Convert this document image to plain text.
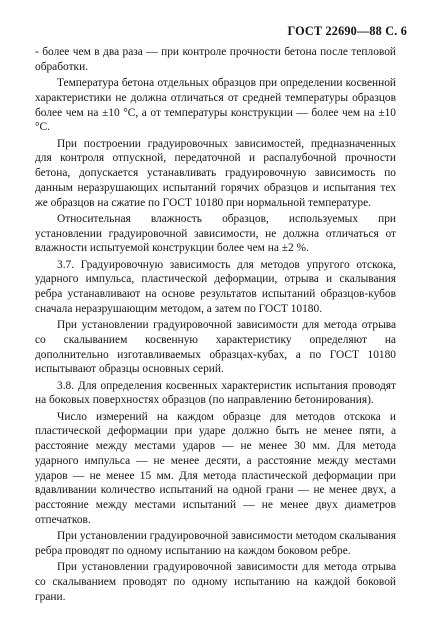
ГОСТ 22690—88 С. 6

- более чем в два раза — при контроле прочности бетона после тепловой обработки.

Температура бетона отдельных образцов при определении косвенной характеристики не должна отличаться от средней температуры образцов более чем на ±10 °С, а от температуры конструкции — более чем на ±10 °С.

При построении градуировочных зависимостей, предназначенных для контроля отпускной, передаточной и распалубочной прочности бетона, допускается устанавливать градуировочную зависимость по данным неразрушающих испытаний горячих образцов и испытания тех же образцов на сжатие по ГОСТ 10180 при нормальной температуре.

Относительная влажность образцов, используемых при установлении градуировочной зависимости, не должна отличаться от влажности испытуемой конструкции более чем на ±2 %.

3.7. Градуировочную зависимость для методов упругого отскока, ударного импульса, пластической деформации, отрыва и скалывания ребра устанавливают на основе результатов испытаний образцов-кубов сначала неразрушающим методом, а затем по ГОСТ 10180.

При установлении градуировочной зависимости для метода отрыва со скалыванием косвенную характеристику определяют на дополнительно изготавливаемых образцах-кубах, а по ГОСТ 10180 испытывают образцы основных серий.

3.8. Для определения косвенных характеристик испытания проводят на боковых поверхностях образцов (по направлению бетонирования).

Число измерений на каждом образце для методов отскока и пластической деформации при ударе должно быть не менее пяти, а расстояние между местами ударов — не менее 30 мм. Для метода ударного импульса — не менее десяти, а расстояние между местами ударов — не менее 15 мм. Для метода пластической деформации при вдавливании количество испытаний на одной грани — не менее двух, а расстояние между местами испытаний — не менее двух диаметров отпечатков.

При установлении градуировочной зависимости методом скалывания ребра проводят по одному испытанию на каждом боковом ребре.

При установлении градуировочной зависимости для метода отрыва со скалыванием проводят по одному испытанию на каждой боковой грани.
